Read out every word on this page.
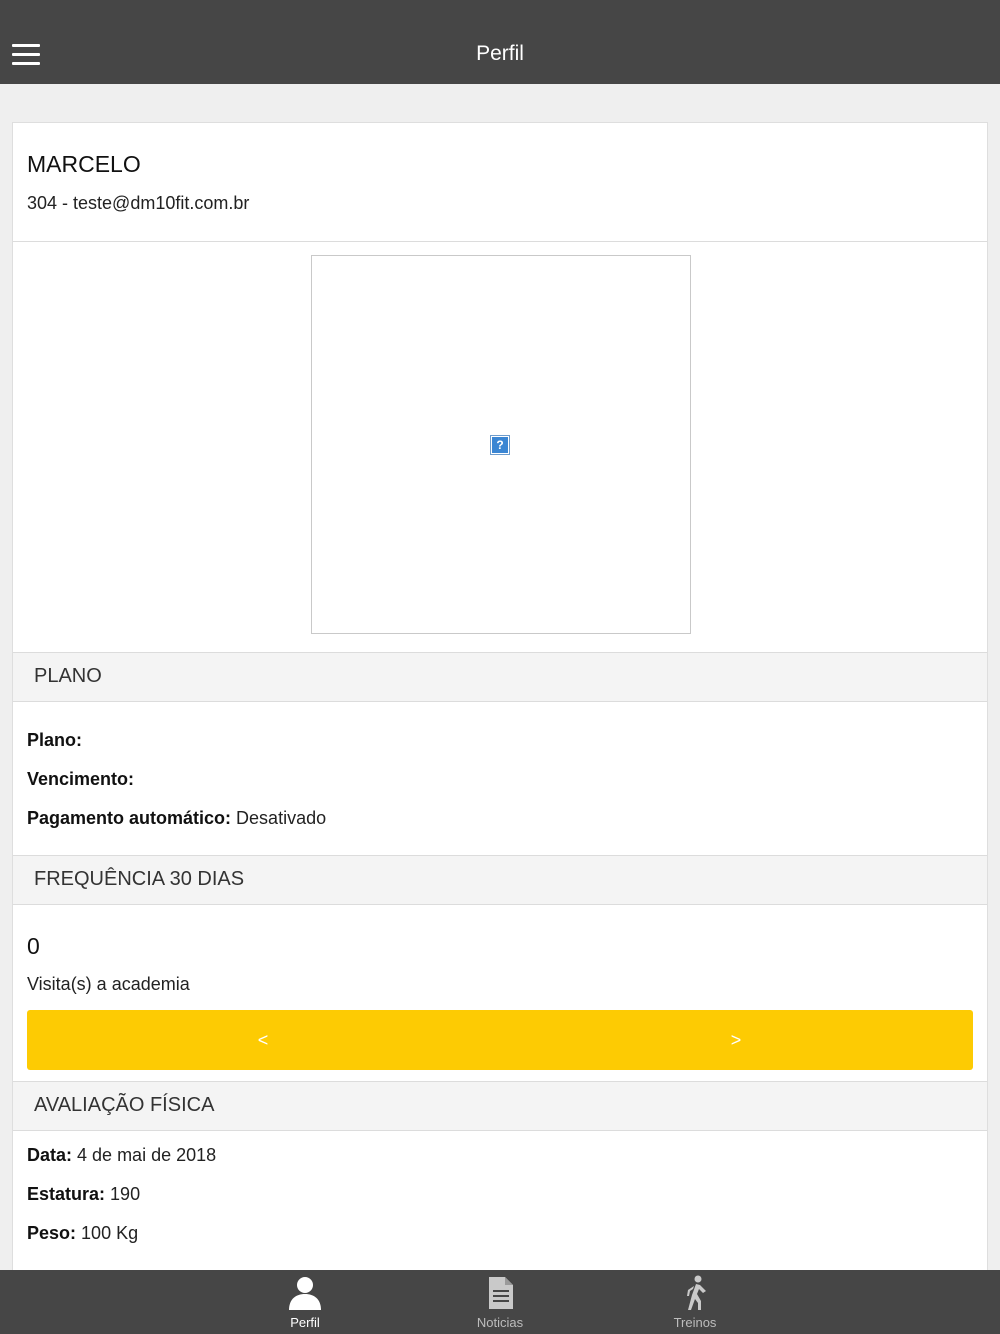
Perfil
MARCELO
304 - teste@dm10fit.com.br
?
PLANO
Plano:
Vencimento:
Pagamento automático: Desativado
FREQUÊNCIA 30 DIAS
0
Visita(s) a academia
<	>
AVALIAÇÃO FÍSICA
Data: 4 de mai de 2018
Estatura: 190
Peso: 100 Kg
Perfil	Noticias	Treinos
